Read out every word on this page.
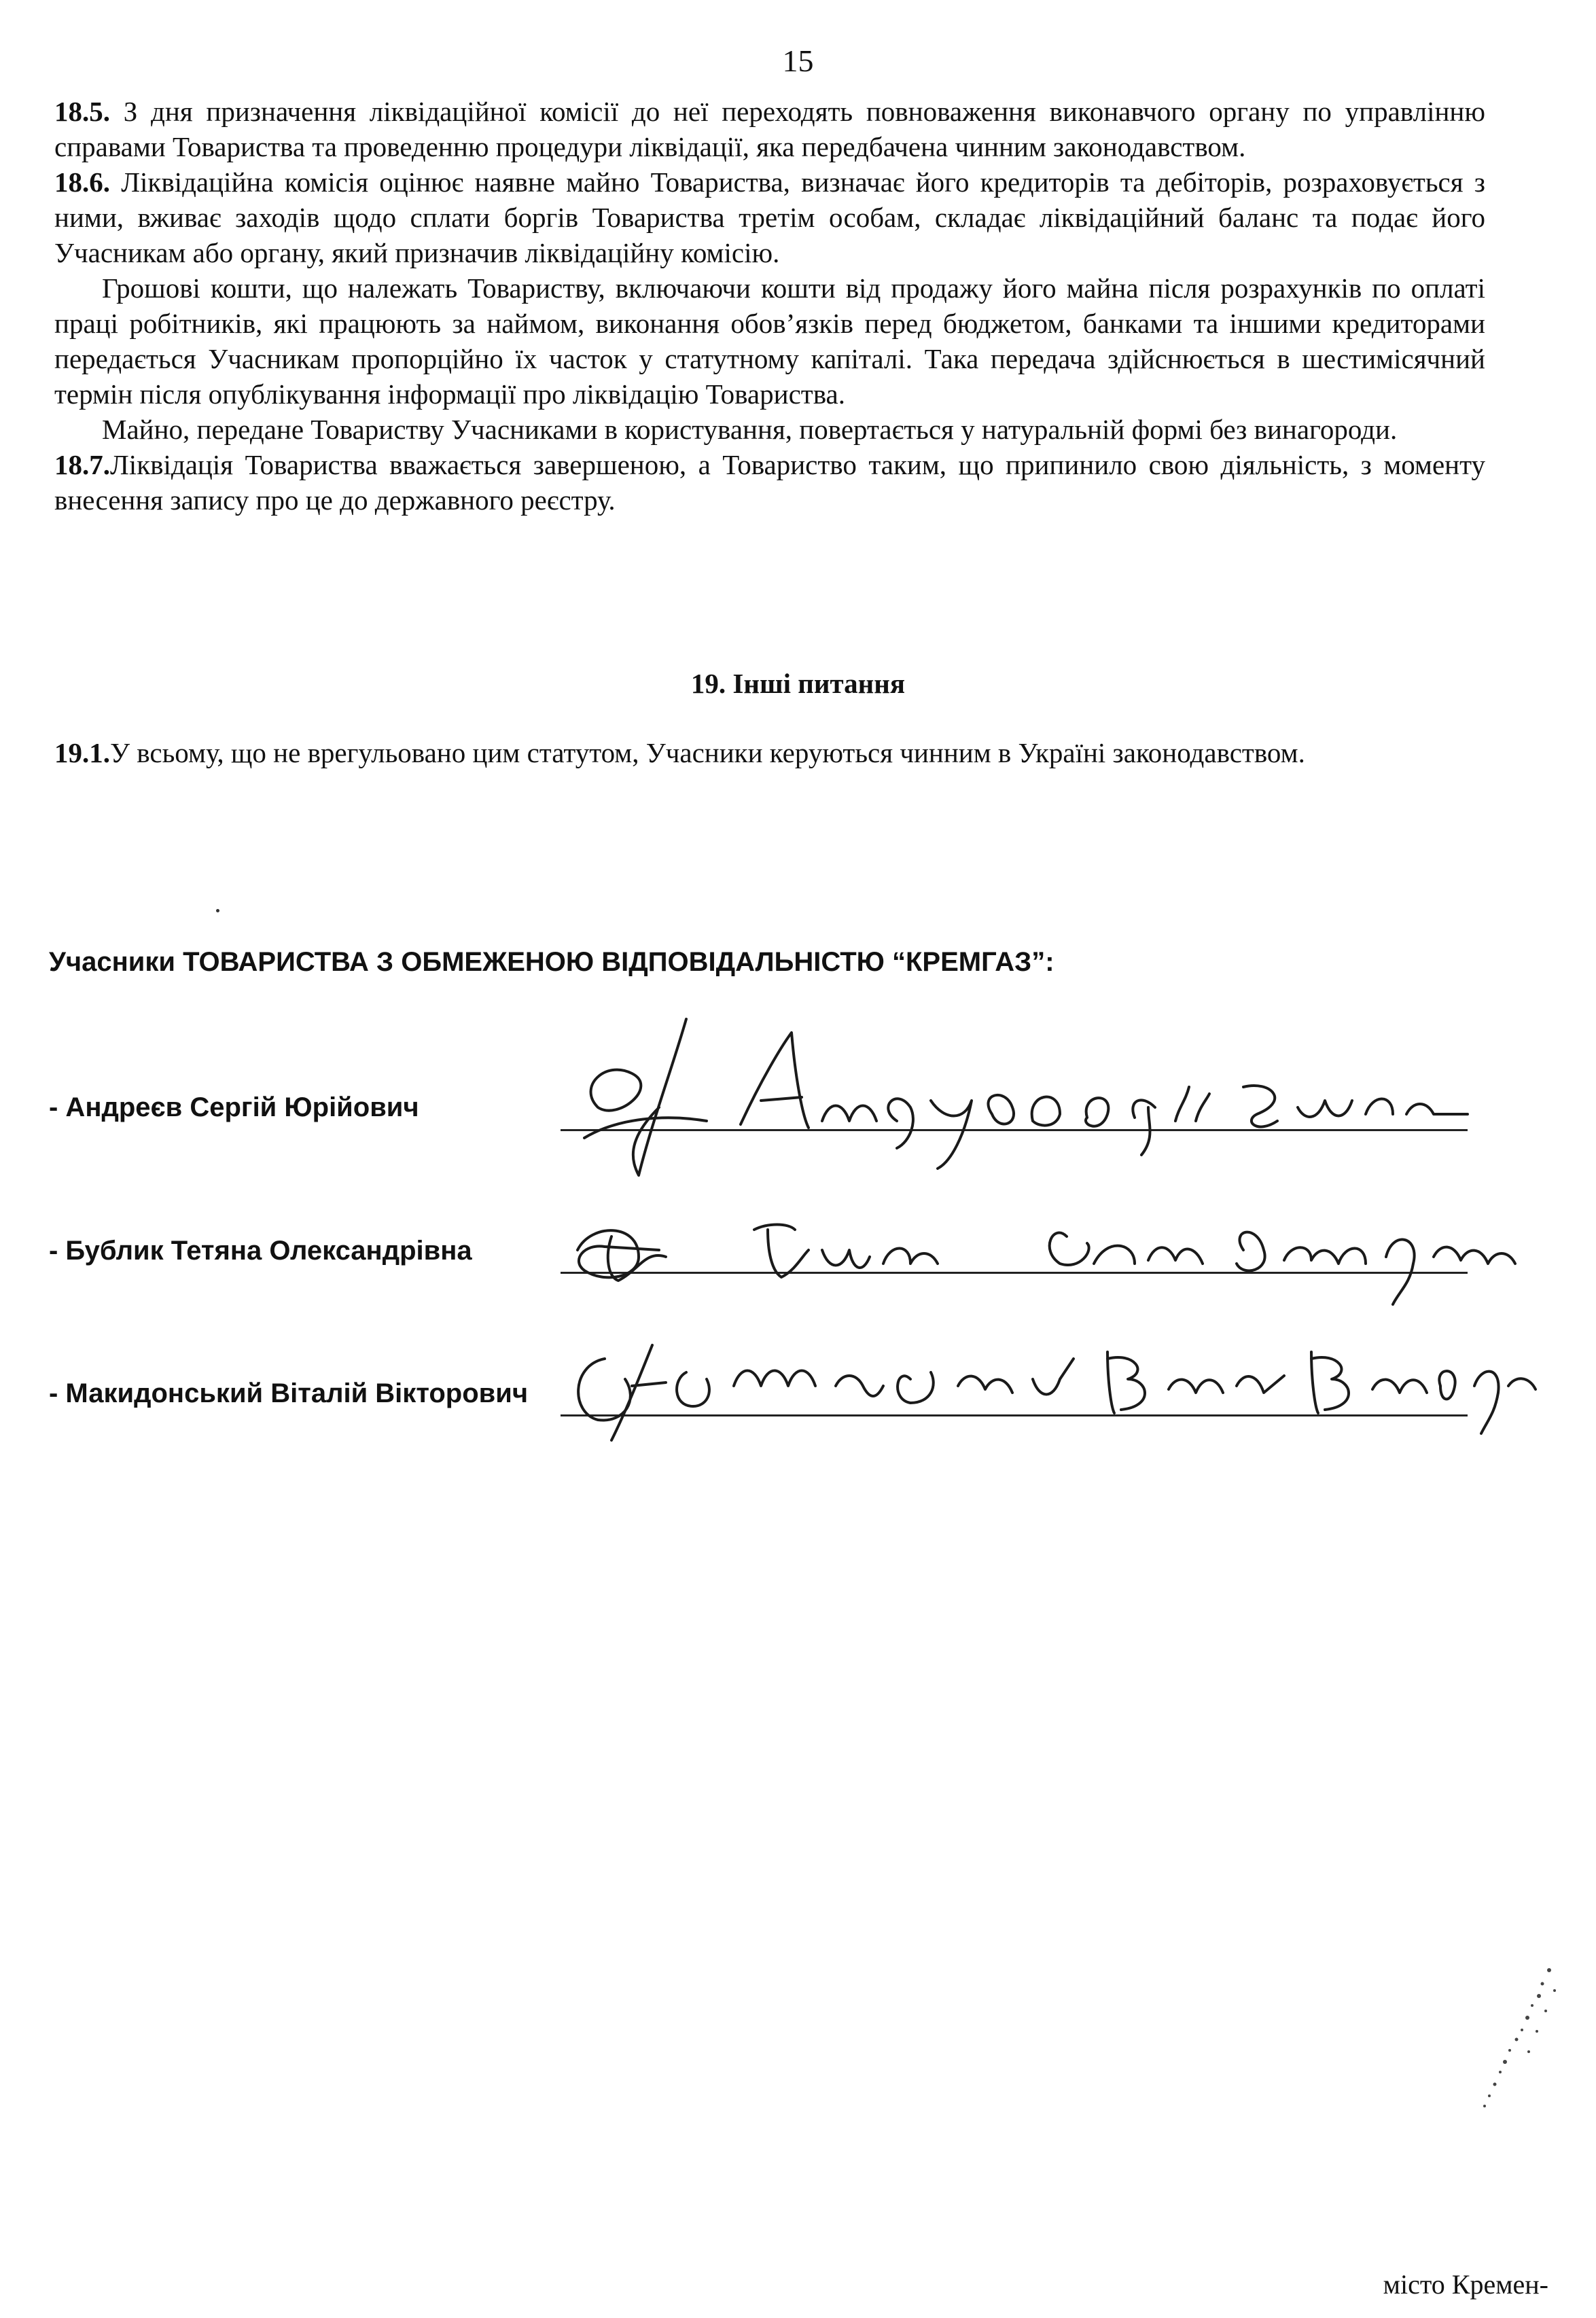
15

18.5. З дня призначення ліквідаційної комісії до неї переходять повноваження виконавчого органу по управлінню справами Товариства та проведенню процедури ліквідації, яка передбачена чинним законодавством.

18.6. Ліквідаційна комісія оцінює наявне майно Товариства, визначає його кредиторів та дебіторів, розраховується з ними, вживає заходів щодо сплати боргів Товариства третім особам, складає ліквідаційний баланс та подає його Учасникам або органу, який призначив ліквідаційну комісію.

Грошові кошти, що належать Товариству, включаючи кошти від продажу його майна після розрахунків по оплаті праці робітників, які працюють за наймом, виконання обов’язків перед бюджетом, банками та іншими кредиторами передається Учасникам пропорційно їх часток у статутному капіталі. Така передача здійснюється в шестимісячний термін після опублікування інформації про ліквідацію Товариства.

Майно, передане Товариству Учасниками в користування, повертається у натуральній формі без винагороди.

18.7.Ліквідація Товариства вважається завершеною, а Товариство таким, що припинило свою діяльність, з моменту внесення запису про це до державного реєстру.

19. Інші питання

19.1.У всьому, що не врегульовано цим статутом, Учасники керуються чинним в Україні законодавством.

Учасники ТОВАРИСТВА З ОБМЕЖЕНОЮ ВІДПОВІДАЛЬНІСТЮ “КРЕМГАЗ”:
- Андреєв Сергій Юрійович
- Бублик Тетяна Олександрівна
- Макидонський Віталій Вікторович
місто Кремен-
